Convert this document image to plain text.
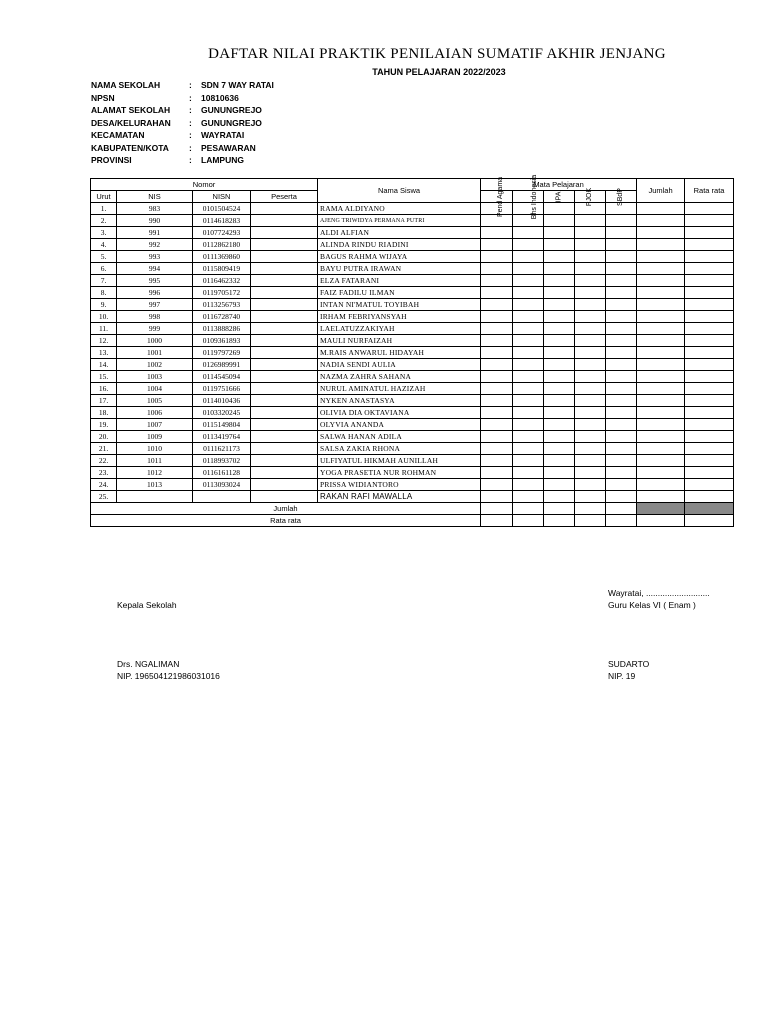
DAFTAR NILAI PRAKTIK PENILAIAN SUMATIF AKHIR JENJANG
TAHUN PELAJARAN 2022/2023
NAMA SEKOLAH	: SDN 7 WAY RATAI
NPSN	: 10810636
ALAMAT SEKOLAH : GUNUNGREJO
DESA/KELURAHAN : GUNUNGREJO
KECAMATAN	: WAYRATAI
KABUPATEN/KOTA : PESAWARAN
PROVINSI	: LAMPUNG
Nomor				Nama Siswa	Mata Pelajaran					Jumlah	Rata rata
Urut	NIS	NISN	Peserta		Pend Agama	Bhs Indonesia	IPA	PJOK	SBdP		
1.	983	0101504524		RAMA ALDIYANO							
2.	990	0114618283		AJENG TRIWIDYA PERMANA PUTRI							
3.	991	0107724293		ALDI ALFIAN							
4.	992	0112862180		ALINDA RINDU RIADINI							
5.	993	0111369860		BAGUS RAHMA WIJAYA							
6.	994	0115809419		BAYU PUTRA IRAWAN							
7.	995	0116462332		ELZA FATARANI							
8.	996	0119705172		FAIZ FADILU ILMAN							
9.	997	0113256793		INTAN NI'MATUL TOYIBAH							
10.	998	0116728740		IRHAM FEBRIYANSYAH							
11.	999	0113888286		LAELATUZZAKIYAH							
12.	1000	0109361893		MAULI NURFAIZAH							
13.	1001	0119797269		M.RAIS ANWARUL HIDAYAH							
14.	1002	0126989991		NADIA SENDI AULIA							
15.	1003	0114545094		NAZMA ZAHRA SAHANA							
16.	1004	0119751666		NURUL AMINATUL HAZIZAH							
17.	1005	0114010436		NYKEN ANASTASYA							
18.	1006	0103320245		OLIVIA DIA OKTAVIANA							
19.	1007	0115149804		OLYVIA ANANDA							
20.	1009	0113419764		SALWA HANAN ADILA							
21.	1010	0111621173		SALSA ZAKIA RHONA							
22.	1011	0118993702		ULFIYATUL HIKMAH AUNILLAH							
23.	1012	0116161128		YOGA PRASETIA NUR ROHMAN							
24.	1013	0113093024		PRISSA WIDIANTORO							
25.				RAKAN RAFI MAWALLA							
Jumlah											
Rata rata											
Wayratai, ...........................
Kepala Sekolah	Guru Kelas VI ( Enam )
Drs. NGALIMAN	SUDARTO
NIP. 196504121986031016	NIP. 19
